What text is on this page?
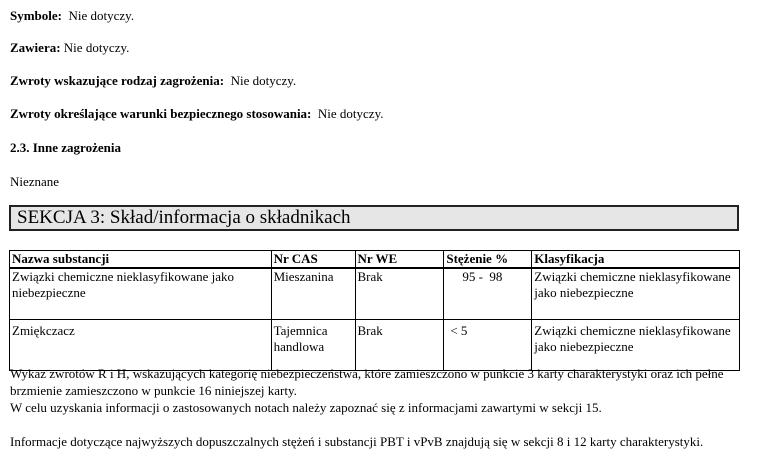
Symbole: Nie dotyczy.
Zawiera: Nie dotyczy.
Zwroty wskazujące rodzaj zagrożenia: Nie dotyczy.
Zwroty określające warunki bezpiecznego stosowania: Nie dotyczy.
2.3. Inne zagrożenia
Nieznane
SEKCJA 3: Skład/informacja o składnikach
Nazwa substancji	Nr CAS	Nr WE	Stężenie %	Klasyfikacja
Związki chemiczne nieklasyfikowane jako niebezpieczne	Mieszanina	Brak	95 -  98	Związki chemiczne nieklasyfikowane jako niebezpieczne
Zmiękczacz	Tajemnica handlowa	Brak	< 5	Związki chemiczne nieklasyfikowane jako niebezpieczne
Wykaz zwrotów R i H, wskazujących kategorię niebezpieczeństwa, które zamieszczono w punkcie 3 karty charakterystyki oraz ich pełne brzmienie zamieszczono w punkcie 16 niniejszej karty.
W celu uzyskania informacji o zastosowanych notach należy zapoznać się z informacjami zawartymi w sekcji 15.
Informacje dotyczące najwyższych dopuszczalnych stężeń i substancji PBT i vPvB znajdują się w sekcji 8 i 12 karty charakterystyki.
